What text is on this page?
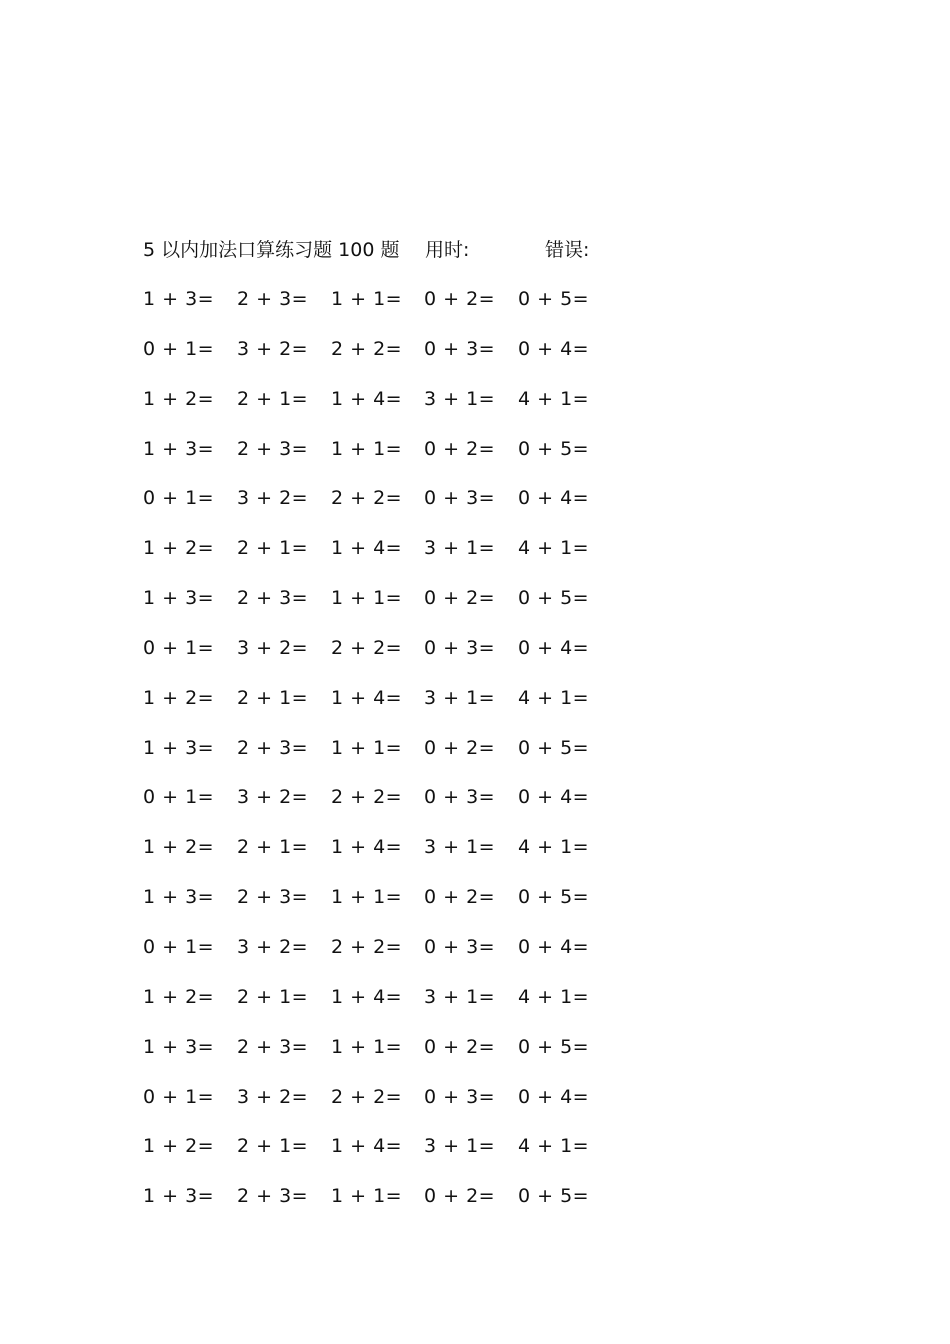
5 以内加法口算练习题 100 题 用时:	错误:
1 + 3=	2 + 3=	1 + 1=	0 + 2=	0 + 5=
0 + 1=	3 + 2=	2 + 2=	0 + 3=	0 + 4=
1 + 2=	2 + 1=	1 + 4=	3 + 1=	4 + 1=
1 + 3=	2 + 3=	1 + 1=	0 + 2=	0 + 5=
0 + 1=	3 + 2=	2 + 2=	0 + 3=	0 + 4=
1 + 2=	2 + 1=	1 + 4=	3 + 1=	4 + 1=
1 + 3=	2 + 3=	1 + 1=	0 + 2=	0 + 5=
0 + 1=	3 + 2=	2 + 2=	0 + 3=	0 + 4=
1 + 2=	2 + 1=	1 + 4=	3 + 1=	4 + 1=
1 + 3=	2 + 3=	1 + 1=	0 + 2=	0 + 5=
0 + 1=	3 + 2=	2 + 2=	0 + 3=	0 + 4=
1 + 2=	2 + 1=	1 + 4=	3 + 1=	4 + 1=
1 + 3=	2 + 3=	1 + 1=	0 + 2=	0 + 5=
0 + 1=	3 + 2=	2 + 2=	0 + 3=	0 + 4=
1 + 2=	2 + 1=	1 + 4=	3 + 1=	4 + 1=
1 + 3=	2 + 3=	1 + 1=	0 + 2=	0 + 5=
0 + 1=	3 + 2=	2 + 2=	0 + 3=	0 + 4=
1 + 2=	2 + 1=	1 + 4=	3 + 1=	4 + 1=
1 + 3=	2 + 3=	1 + 1=	0 + 2=	0 + 5=
